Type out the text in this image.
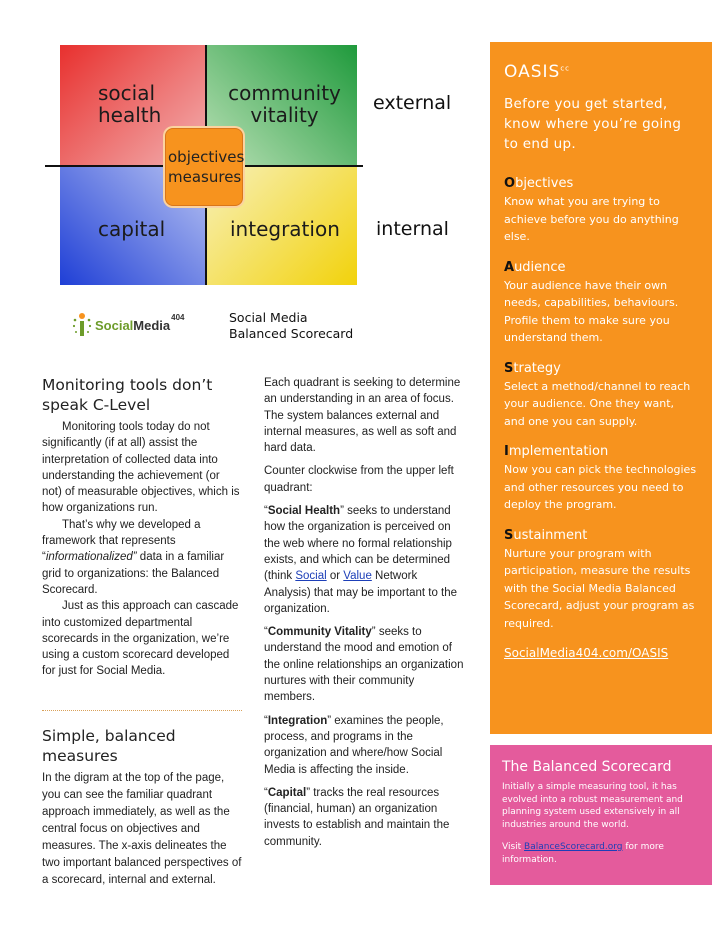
social
health
community
vitality
capital	integration
objectives
measures
external
internal
SocialMedia
404	Social Media
Balanced Scorecard
Monitoring tools don’t speak C-Level

Monitoring tools today do not significantly (if at all) assist the interpretation of collected data into understanding the achievement (or not) of measurable objectives, which is how organizations run.

That’s why we developed a framework that represents “informationalized” data in a familiar grid to organizations: the Balanced Scorecard.

Just as this approach can cascade into customized departmental scorecards in the organization, we’re using a custom scorecard developed for just for Social Media.

Simple, balanced measures

In the digram at the top of the page, you can see the familiar quadrant approach immediately, as well as the central focus on objectives and measures. The x-axis delineates the two important balanced perspectives of a scorecard, internal and external.

Each quadrant is seeking to determine an understanding in an area of focus. The system balances external and internal measures, as well as soft and hard data.

Counter clockwise from the upper left quadrant:

“Social Health” seeks to understand how the organization is perceived on the web where no formal relationship exists, and which can be determined (think Social or Value Network Analysis) that may be important to the organization.

“Community Vitality” seeks to understand the mood and emotion of the online relationships an organization nurtures with their community members.

“Integration” examines the people, process, and programs in the organization and where/how Social Media is affecting the inside.

“Capital” tracks the real resources (financial, human) an organization invests to establish and maintain the community.

$OASIS^{cc}$
Before you get started, know where you’re going to end up.
Objectives
Know what you are trying to achieve before you do anything else.
Audience
Your audience have their own needs, capabilities, behaviours. Profile them to make sure you understand them.
Strategy
Select a method/channel to reach your audience. One they want, and one you can supply.
Implementation
Now you can pick the technologies and other resources you need to deploy the program.
Sustainment
Nurture your program with participation, measure the results with the Social Media Balanced Scorecard, adjust your program as required.
SocialMedia404.com/OASIS
The Balanced Scorecard
Initially a simple measuring tool, it has evolved into a robust measurement and planning system used extensively in all industries around the world.
Visit BalanceScorecard.org for more information.
